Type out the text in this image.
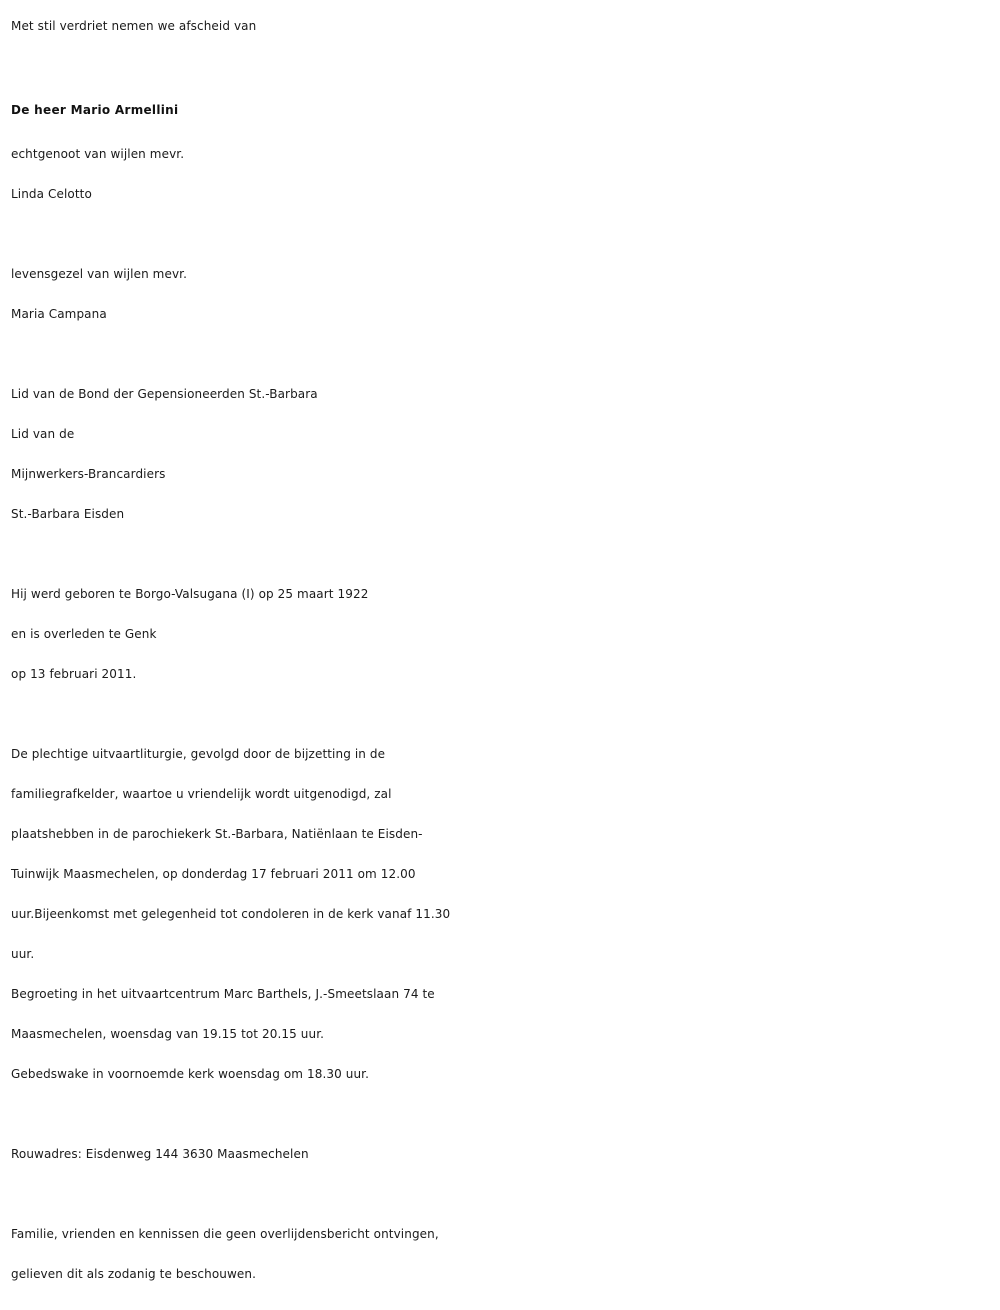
Met stil verdriet nemen we afscheid van
De heer Mario Armellini
echtgenoot van wijlen mevr.
Linda Celotto
levensgezel van wijlen mevr.
Maria Campana
Lid van de Bond der Gepensioneerden St.-Barbara
Lid van de
Mijnwerkers-Brancardiers
St.-Barbara Eisden
Hij werd geboren te Borgo-Valsugana (I) op 25 maart 1922
en is overleden te Genk
op 13 februari 2011.
De plechtige uitvaartliturgie, gevolgd door de bijzetting in de
familiegrafkelder, waartoe u vriendelijk wordt uitgenodigd, zal
plaatshebben in de parochiekerk St.-Barbara, Natiënlaan te Eisden-
Tuinwijk Maasmechelen, op donderdag 17 februari 2011 om 12.00
uur.Bijeenkomst met gelegenheid tot condoleren in de kerk vanaf 11.30
uur.
Begroeting in het uitvaartcentrum Marc Barthels, J.-Smeetslaan 74 te
Maasmechelen, woensdag van 19.15 tot 20.15 uur.
Gebedswake in voornoemde kerk woensdag om 18.30 uur.
Rouwadres: Eisdenweg 144 3630 Maasmechelen
Familie, vrienden en kennissen die geen overlijdensbericht ontvingen,
gelieven dit als zodanig te beschouwen.
